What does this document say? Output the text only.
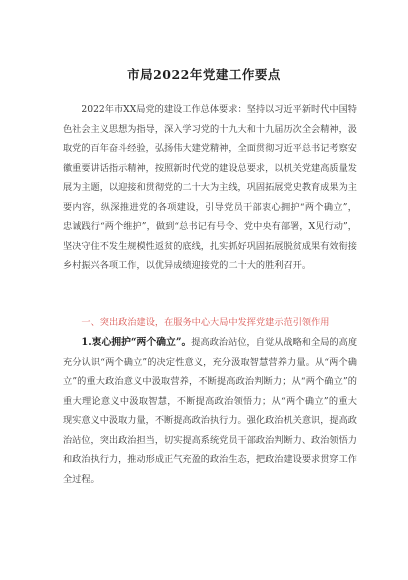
市局2022年党建工作要点

2022年市XX局党的建设工作总体要求：坚持以习近平新时代中国特色社会主义思想为指导，深入学习党的十九大和十九届历次全会精神，汲取党的百年奋斗经验，弘扬伟大建党精神，全面贯彻习近平总书记考察安徽重要讲话指示精神，按照新时代党的建设总要求，以机关党建高质量发展为主题，以迎接和贯彻党的二十大为主线，巩固拓展党史教育成果为主要内容，纵深推进党的各项建设，引导党员干部衷心拥护“两个确立”，忠诚践行“两个维护”，做到“总书记有号令、党中央有部署，X见行动”，坚决守住不发生规模性返贫的底线，扎实抓好巩固拓展脱贫成果有效衔接乡村振兴各项工作，以优异成绩迎接党的二十大的胜利召开。

一、突出政治建设，在服务中心大局中发挥党建示范引领作用

1.衷心拥护“两个确立”。提高政治站位，自觉从战略和全局的高度充分认识“两个确立”的决定性意义，充分汲取智慧营养力量。从“两个确立”的重大政治意义中汲取营养，不断提高政治判断力；从“两个确立”的重大理论意义中汲取智慧，不断提高政治领悟力；从“两个确立”的重大现实意义中汲取力量，不断提高政治执行力。强化政治机关意识，提高政治站位，突出政治担当，切实提高系统党员干部政治判断力、政治领悟力和政治执行力，推动形成正气充盈的政治生态，把政治建设要求贯穿工作全过程。
